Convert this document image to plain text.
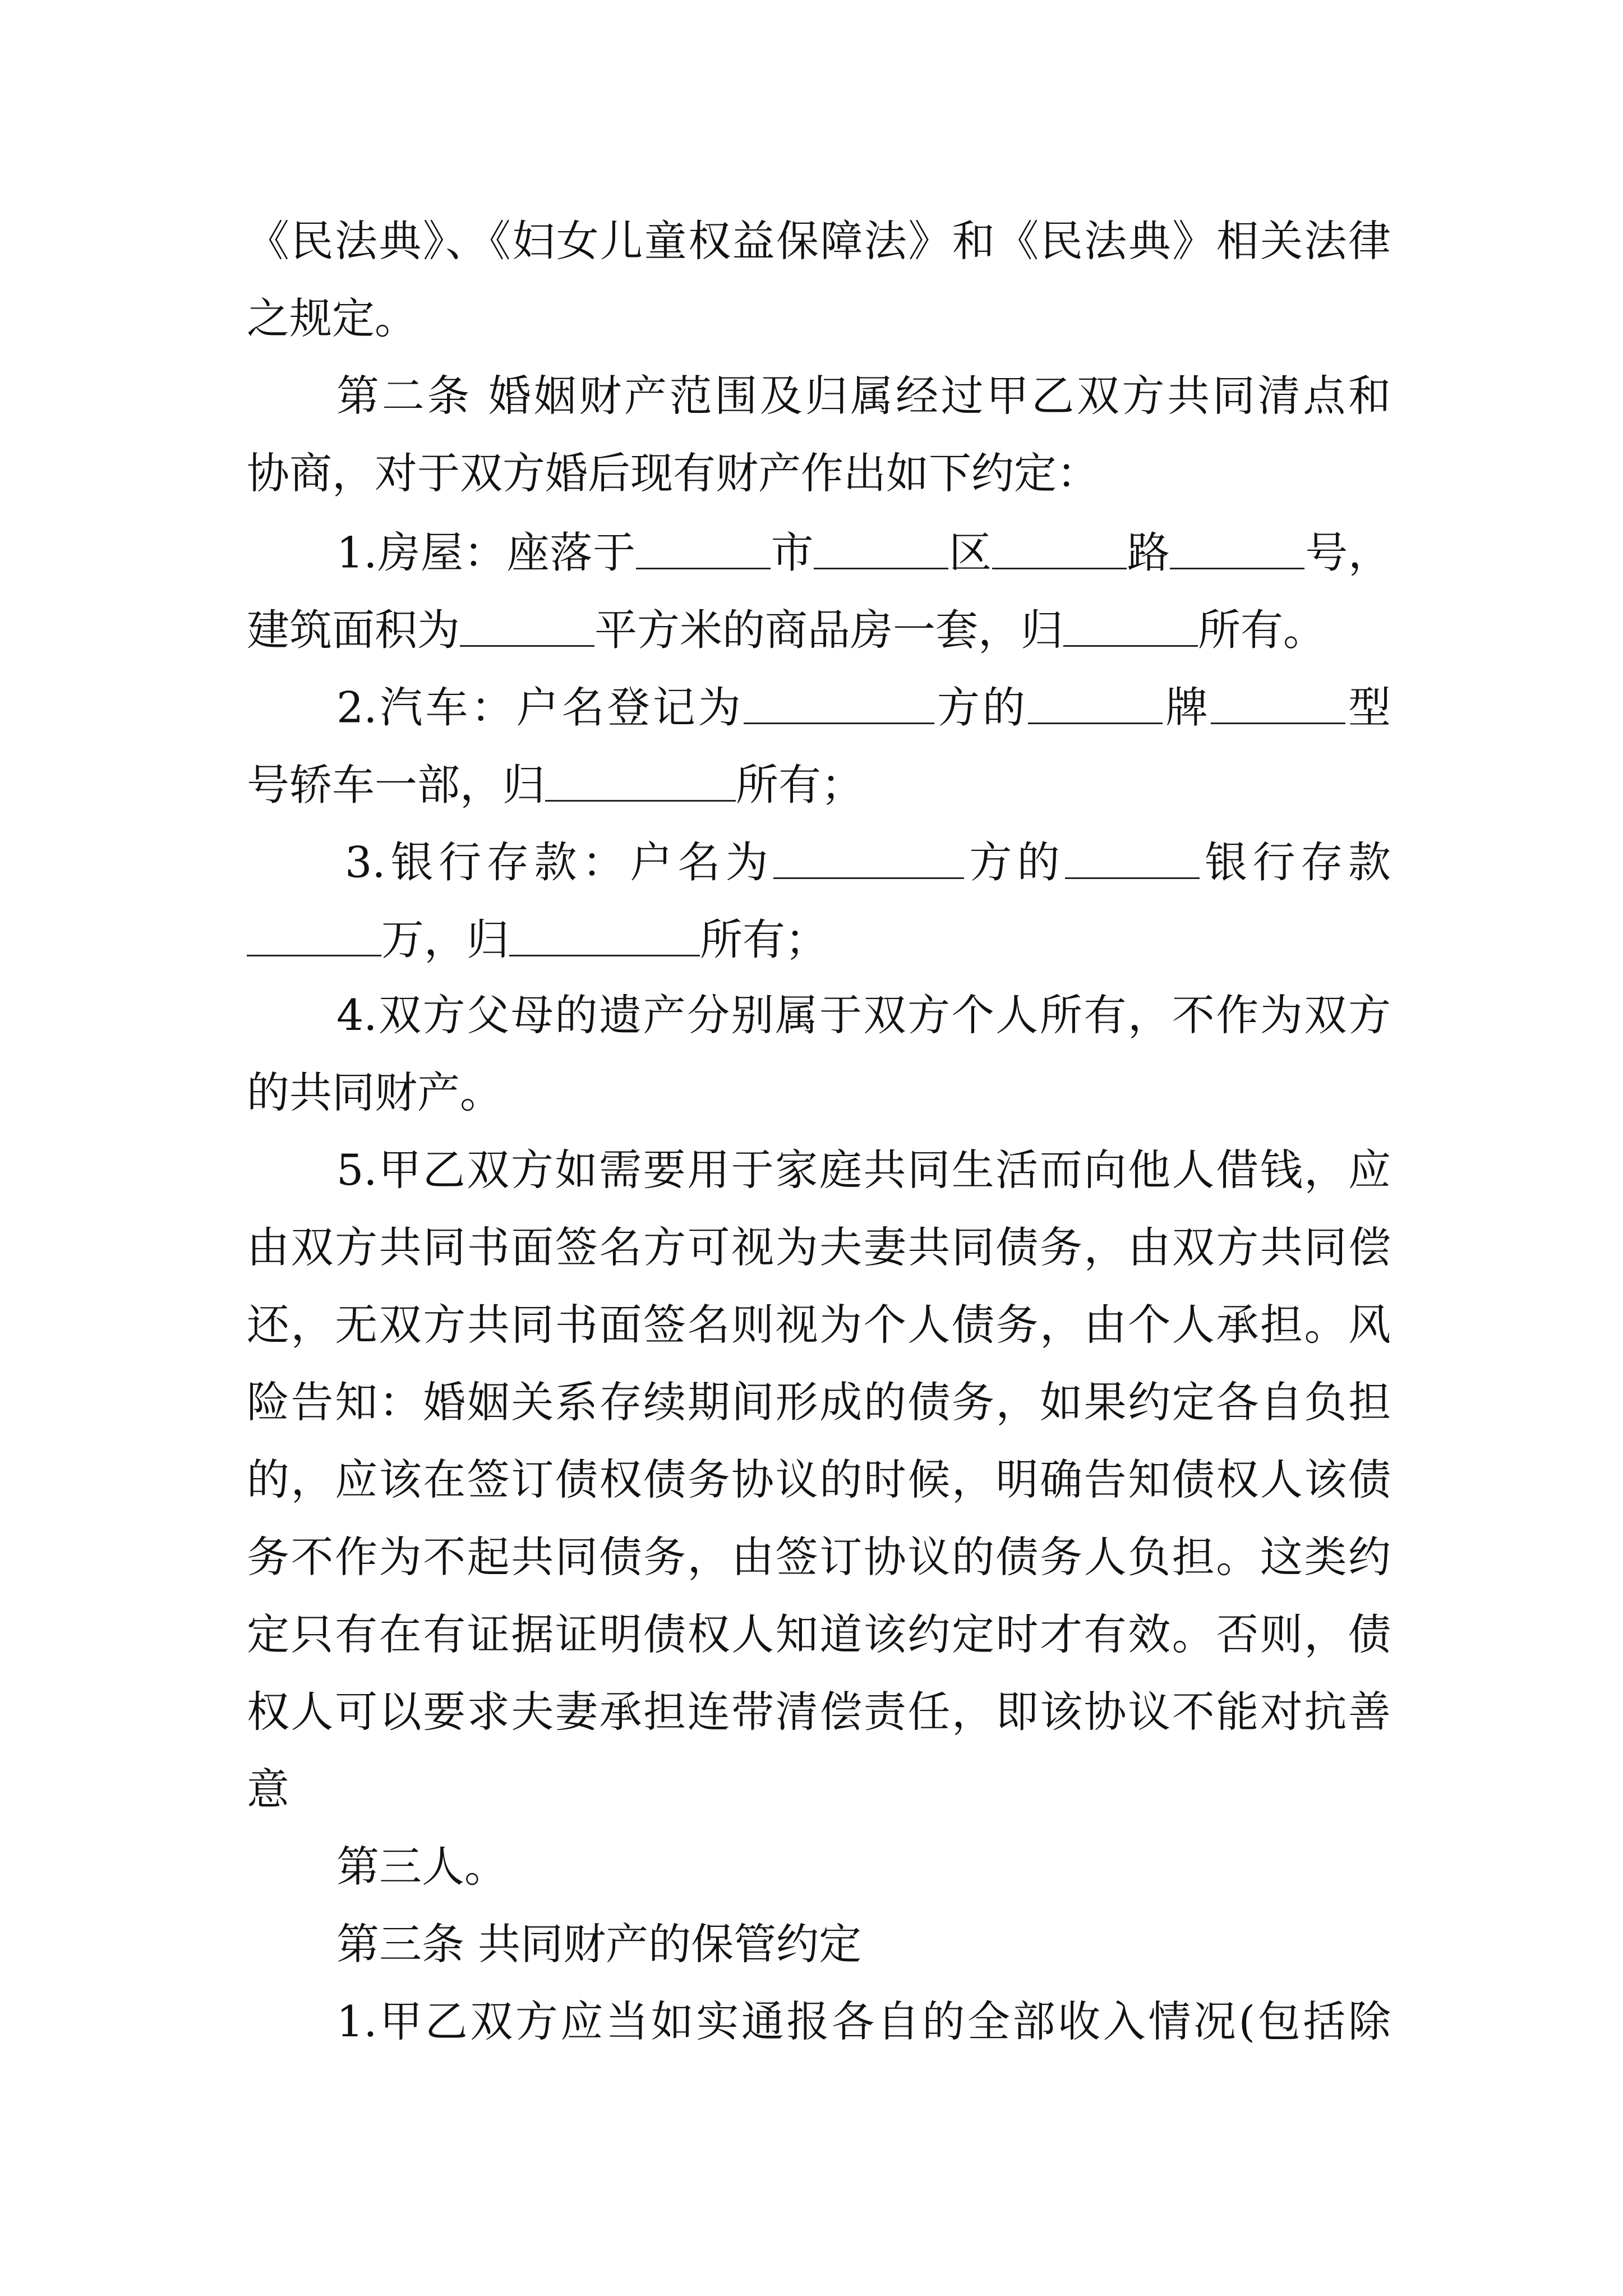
《民法典》、《妇女儿童权益保障法》和《民法典》相关法律
之规定。
第二条 婚姻财产范围及归属经过甲乙双方共同清点和
协商，对于双方婚后现有财产作出如下约定：
1.房屋：座落于	市	区	路	号，
建筑面积为	平方米的商品房一套，归	所有。
2.汽车：户名登记为	方的	牌	型
号轿车一部，归	所有；
3.银行存款：户名为	方的	银行存款
万，归	所有；
4.双方父母的遗产分别属于双方个人所有，不作为双方
的共同财产。
5.甲乙双方如需要用于家庭共同生活而向他人借钱，应
由双方共同书面签名方可视为夫妻共同债务，由双方共同偿
还，无双方共同书面签名则视为个人债务，由个人承担。风
险告知：婚姻关系存续期间形成的债务，如果约定各自负担
的，应该在签订债权债务协议的时候，明确告知债权人该债
务不作为不起共同债务，由签订协议的债务人负担。这类约
定只有在有证据证明债权人知道该约定时才有效。否则，债
权人可以要求夫妻承担连带清偿责任，即该协议不能对抗善
意
第三人。
第三条 共同财产的保管约定
1.甲乙双方应当如实通报各自的全部收入情况(包括除
